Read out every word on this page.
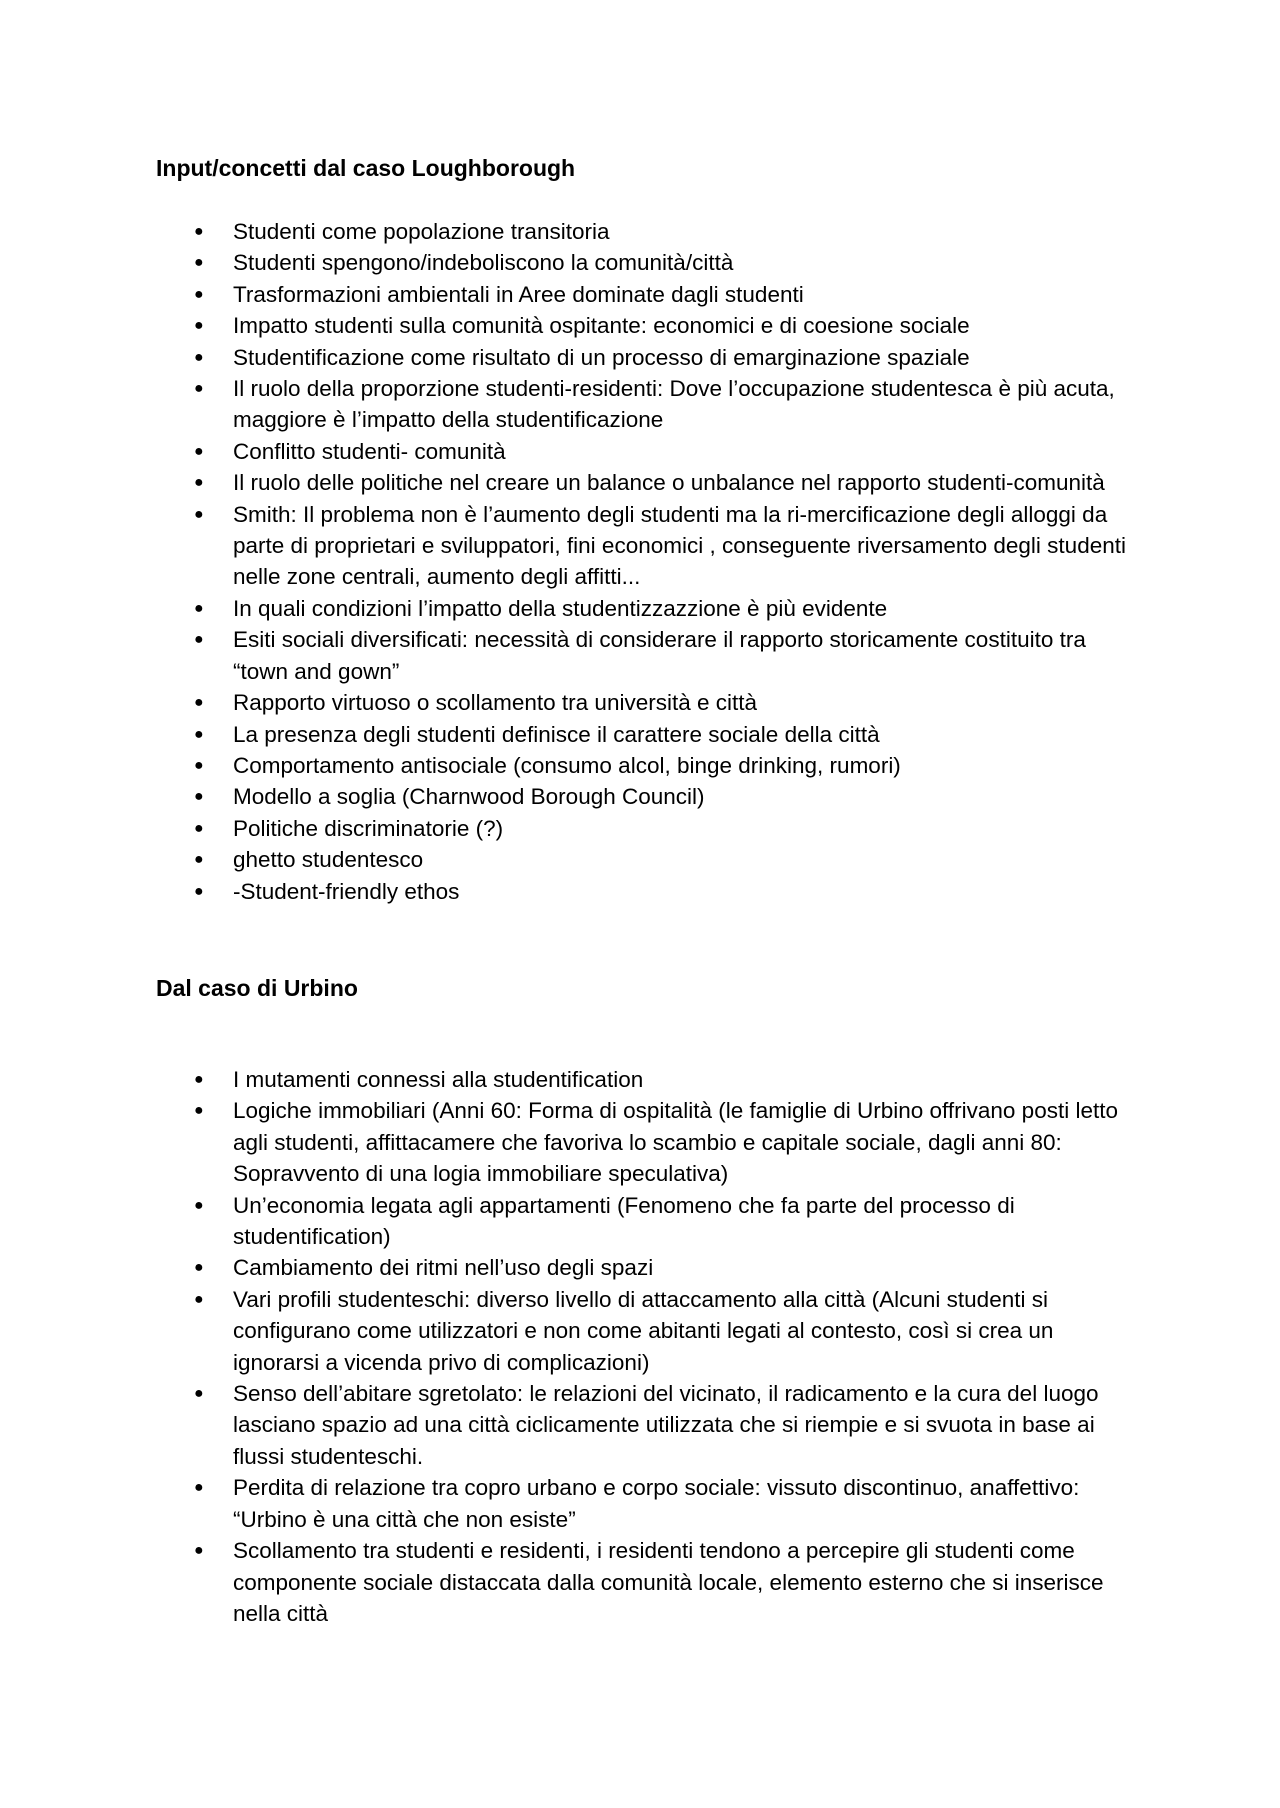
Input/concetti dal caso Loughborough
● Studenti come popolazione transitoria
● Studenti spengono/indeboliscono la comunità/città
● Trasformazioni ambientali in Aree dominate dagli studenti
● Impatto studenti sulla comunità ospitante: economici e di coesione sociale
● Studentificazione come risultato di un processo di emarginazione spaziale
● Il ruolo della proporzione studenti-residenti: Dove l’occupazione studentesca è più acuta, maggiore è l’impatto della studentificazione
● Conflitto studenti- comunità
● Il ruolo delle politiche nel creare un balance o unbalance nel rapporto studenti-comunità
● Smith: Il problema non è l’aumento degli studenti ma la ri-mercificazione degli alloggi da parte di proprietari e sviluppatori, fini economici , conseguente riversamento degli studenti nelle zone centrali, aumento degli affitti...
● In quali condizioni l’impatto della studentizzazzione è più evidente
● Esiti sociali diversificati: necessità di considerare il rapporto storicamente costituito tra “town and gown”
● Rapporto virtuoso o scollamento tra università e città
● La presenza degli studenti definisce il carattere sociale della città
● Comportamento antisociale (consumo alcol, binge drinking, rumori)
● Modello a soglia (Charnwood Borough Council)
● Politiche discriminatorie (?)
● ghetto studentesco
● -Student-friendly ethos
Dal caso di Urbino
● I mutamenti connessi alla studentification
● Logiche immobiliari (Anni 60: Forma di ospitalità (le famiglie di Urbino offrivano posti letto agli studenti, affittacamere che favoriva lo scambio e capitale sociale, dagli anni 80: Sopravvento di una logia immobiliare speculativa)
● Un’economia legata agli appartamenti (Fenomeno che fa parte del processo di studentification)
● Cambiamento dei ritmi nell’uso degli spazi
● Vari profili studenteschi: diverso livello di attaccamento alla città (Alcuni studenti si configurano come utilizzatori e non come abitanti legati al contesto, così si crea un ignorarsi a vicenda privo di complicazioni)
● Senso dell’abitare sgretolato: le relazioni del vicinato, il radicamento e la cura del luogo lasciano spazio ad una città ciclicamente utilizzata che si riempie e si svuota in base ai flussi studenteschi.
● Perdita di relazione tra copro urbano e corpo sociale: vissuto discontinuo, anaffettivo: “Urbino è una città che non esiste”
● Scollamento tra studenti e residenti, i residenti tendono a percepire gli studenti come componente sociale distaccata dalla comunità locale, elemento esterno che si inserisce nella città
